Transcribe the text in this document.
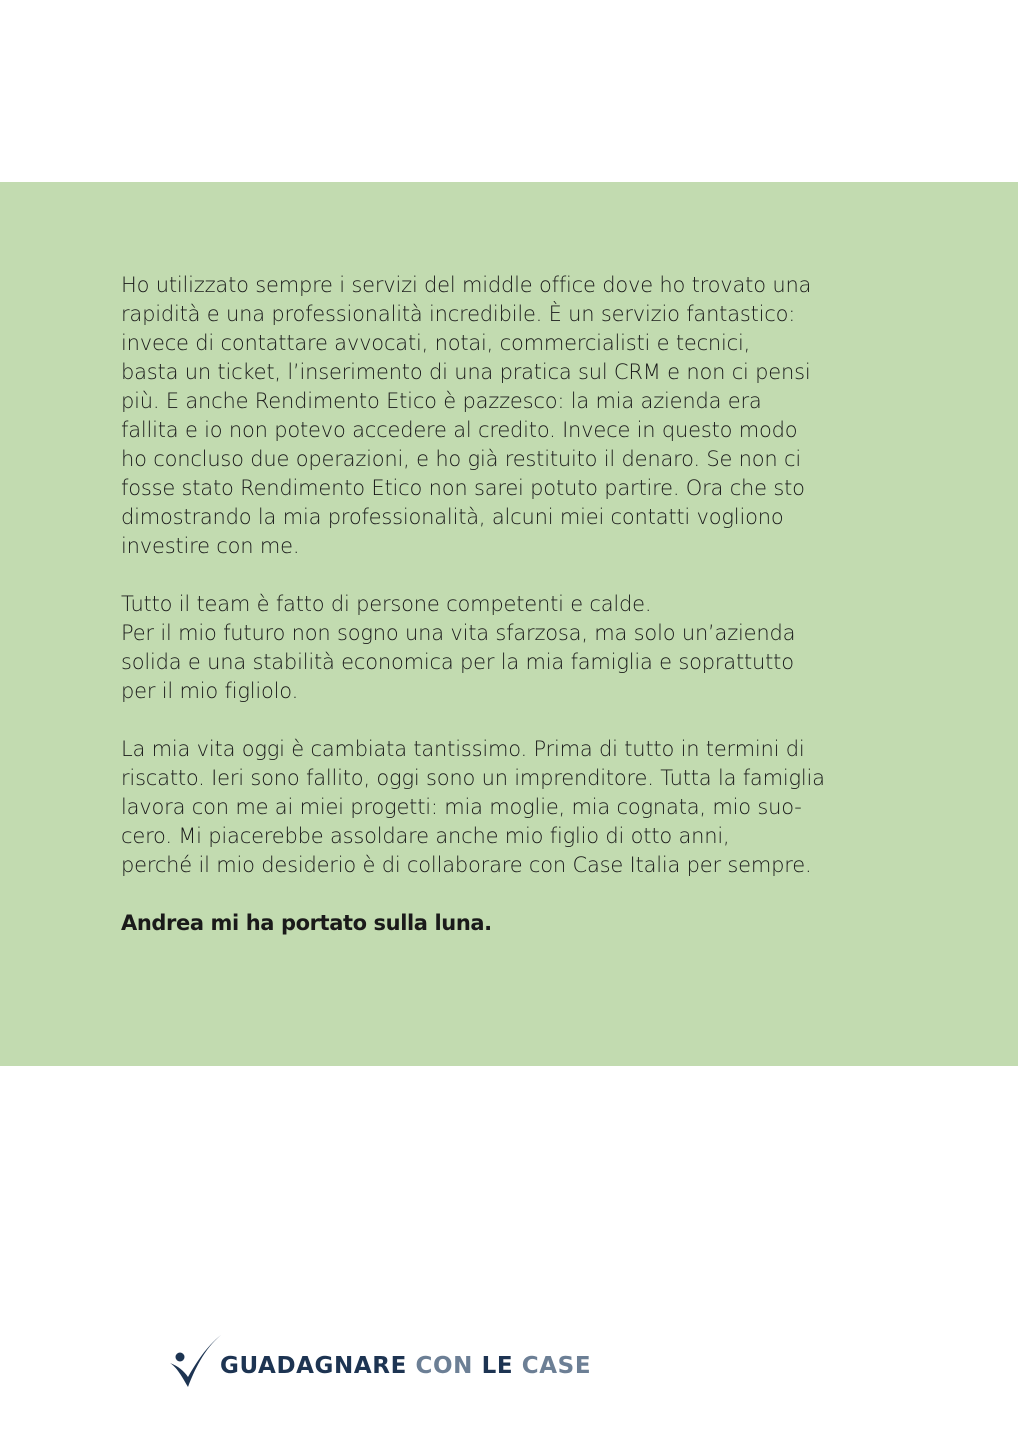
Ho utilizzato sempre i servizi del middle office dove ho trovato una
rapidità e una professionalità incredibile. È un servizio fantastico:
invece di contattare avvocati, notai, commercialisti e tecnici,
basta un ticket, l’inserimento di una pratica sul CRM e non ci pensi
più. E anche Rendimento Etico è pazzesco: la mia azienda era
fallita e io non potevo accedere al credito. Invece in questo modo
ho concluso due operazioni, e ho già restituito il denaro. Se non ci
fosse stato Rendimento Etico non sarei potuto partire. Ora che sto
dimostrando la mia professionalità, alcuni miei contatti vogliono
investire con me.

Tutto il team è fatto di persone competenti e calde.
Per il mio futuro non sogno una vita sfarzosa, ma solo un’azienda
solida e una stabilità economica per la mia famiglia e soprattutto
per il mio figliolo.

La mia vita oggi è cambiata tantissimo. Prima di tutto in termini di
riscatto. Ieri sono fallito, oggi sono un imprenditore. Tutta la famiglia
lavora con me ai miei progetti: mia moglie, mia cognata, mio suo-
cero. Mi piacerebbe assoldare anche mio figlio di otto anni,
perché il mio desiderio è di collaborare con Case Italia per sempre.

Andrea mi ha portato sulla luna.

GUADAGNARE CON LE CASE
